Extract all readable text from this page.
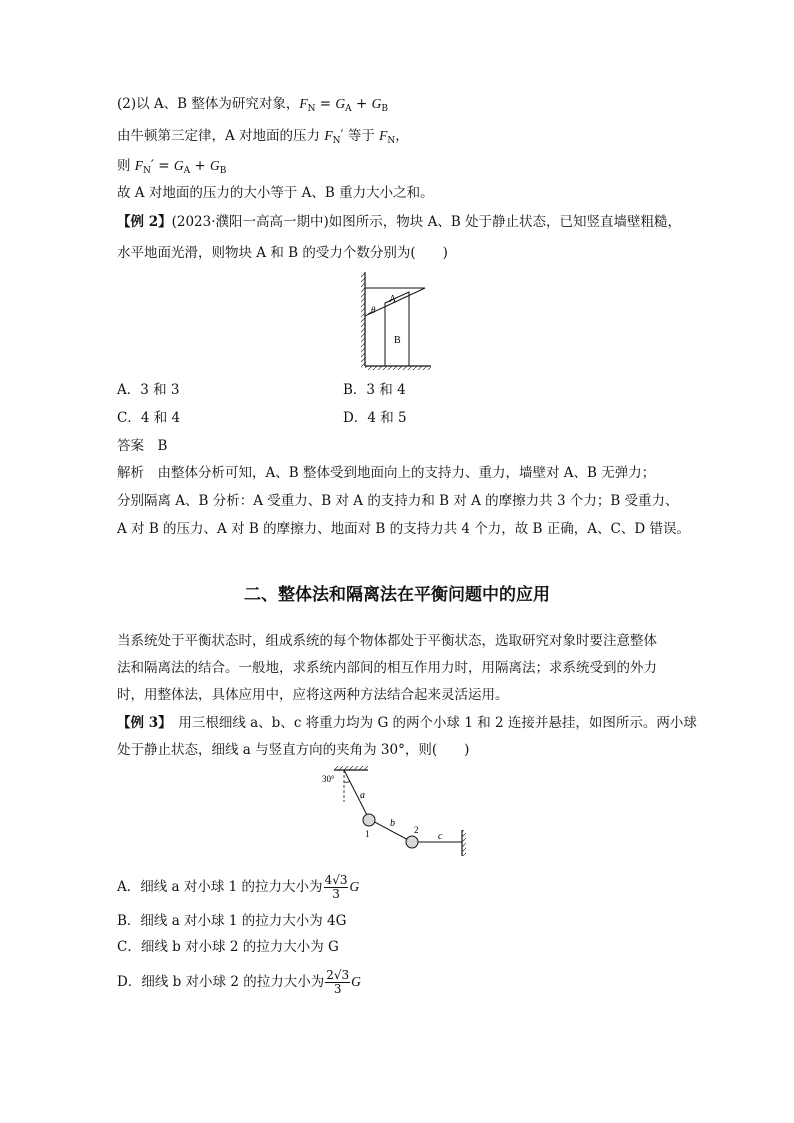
(2)以 A、B 整体为研究对象，$F_N = G_A + G_B$
由牛顿第三定律，A 对地面的压力 $F_N'$ 等于 $F_N$，
则 $F_N' = G_A + G_B$
故 A 对地面的压力的大小等于 A、B 重力大小之和。
【例 2】(2023·濮阳一高高一期中)如图所示，物块 A、B 处于静止状态，已知竖直墙壁粗糙，
水平地面光滑，则物块 A 和 B 的受力个数分别为(　　)
A
B
θ
A．3 和 3	B．3 和 4
C．4 和 4	D．4 和 5
答案　 B
解析　 由整体分析可知，A、B 整体受到地面向上的支持力、重力，墙壁对 A、B 无弹力；
分别隔离 A、B 分析：A 受重力、B 对 A 的支持力和 B 对 A 的摩擦力共 3 个力；B 受重力、
A 对 B 的压力、A 对 B 的摩擦力、地面对 B 的支持力共 4 个力，故 B 正确，A、C、D 错误。
二、整体法和隔离法在平衡问题中的应用
当系统处于平衡状态时，组成系统的每个物体都处于平衡状态，选取研究对象时要注意整体
法和隔离法的结合。一般地，求系统内部间的相互作用力时，用隔离法；求系统受到的外力
时，用整体法，具体应用中，应将这两种方法结合起来灵活运用。
【例 3】　用三根细线 a、b、c 将重力均为 G 的两个小球 1 和 2 连接并悬挂，如图所示。两小球
处于静止状态，细线 a 与竖直方向的夹角为 30°，则(　　)
30°
a
b
c
1	2
A．细线 a 对小球 1 的拉力大小为 $\frac{4√3}{3}$ G
B．细线 a 对小球 1 的拉力大小为 4G
C．细线 b 对小球 2 的拉力大小为 G
D．细线 b 对小球 2 的拉力大小为 $\frac{2√3}{3}$ G
